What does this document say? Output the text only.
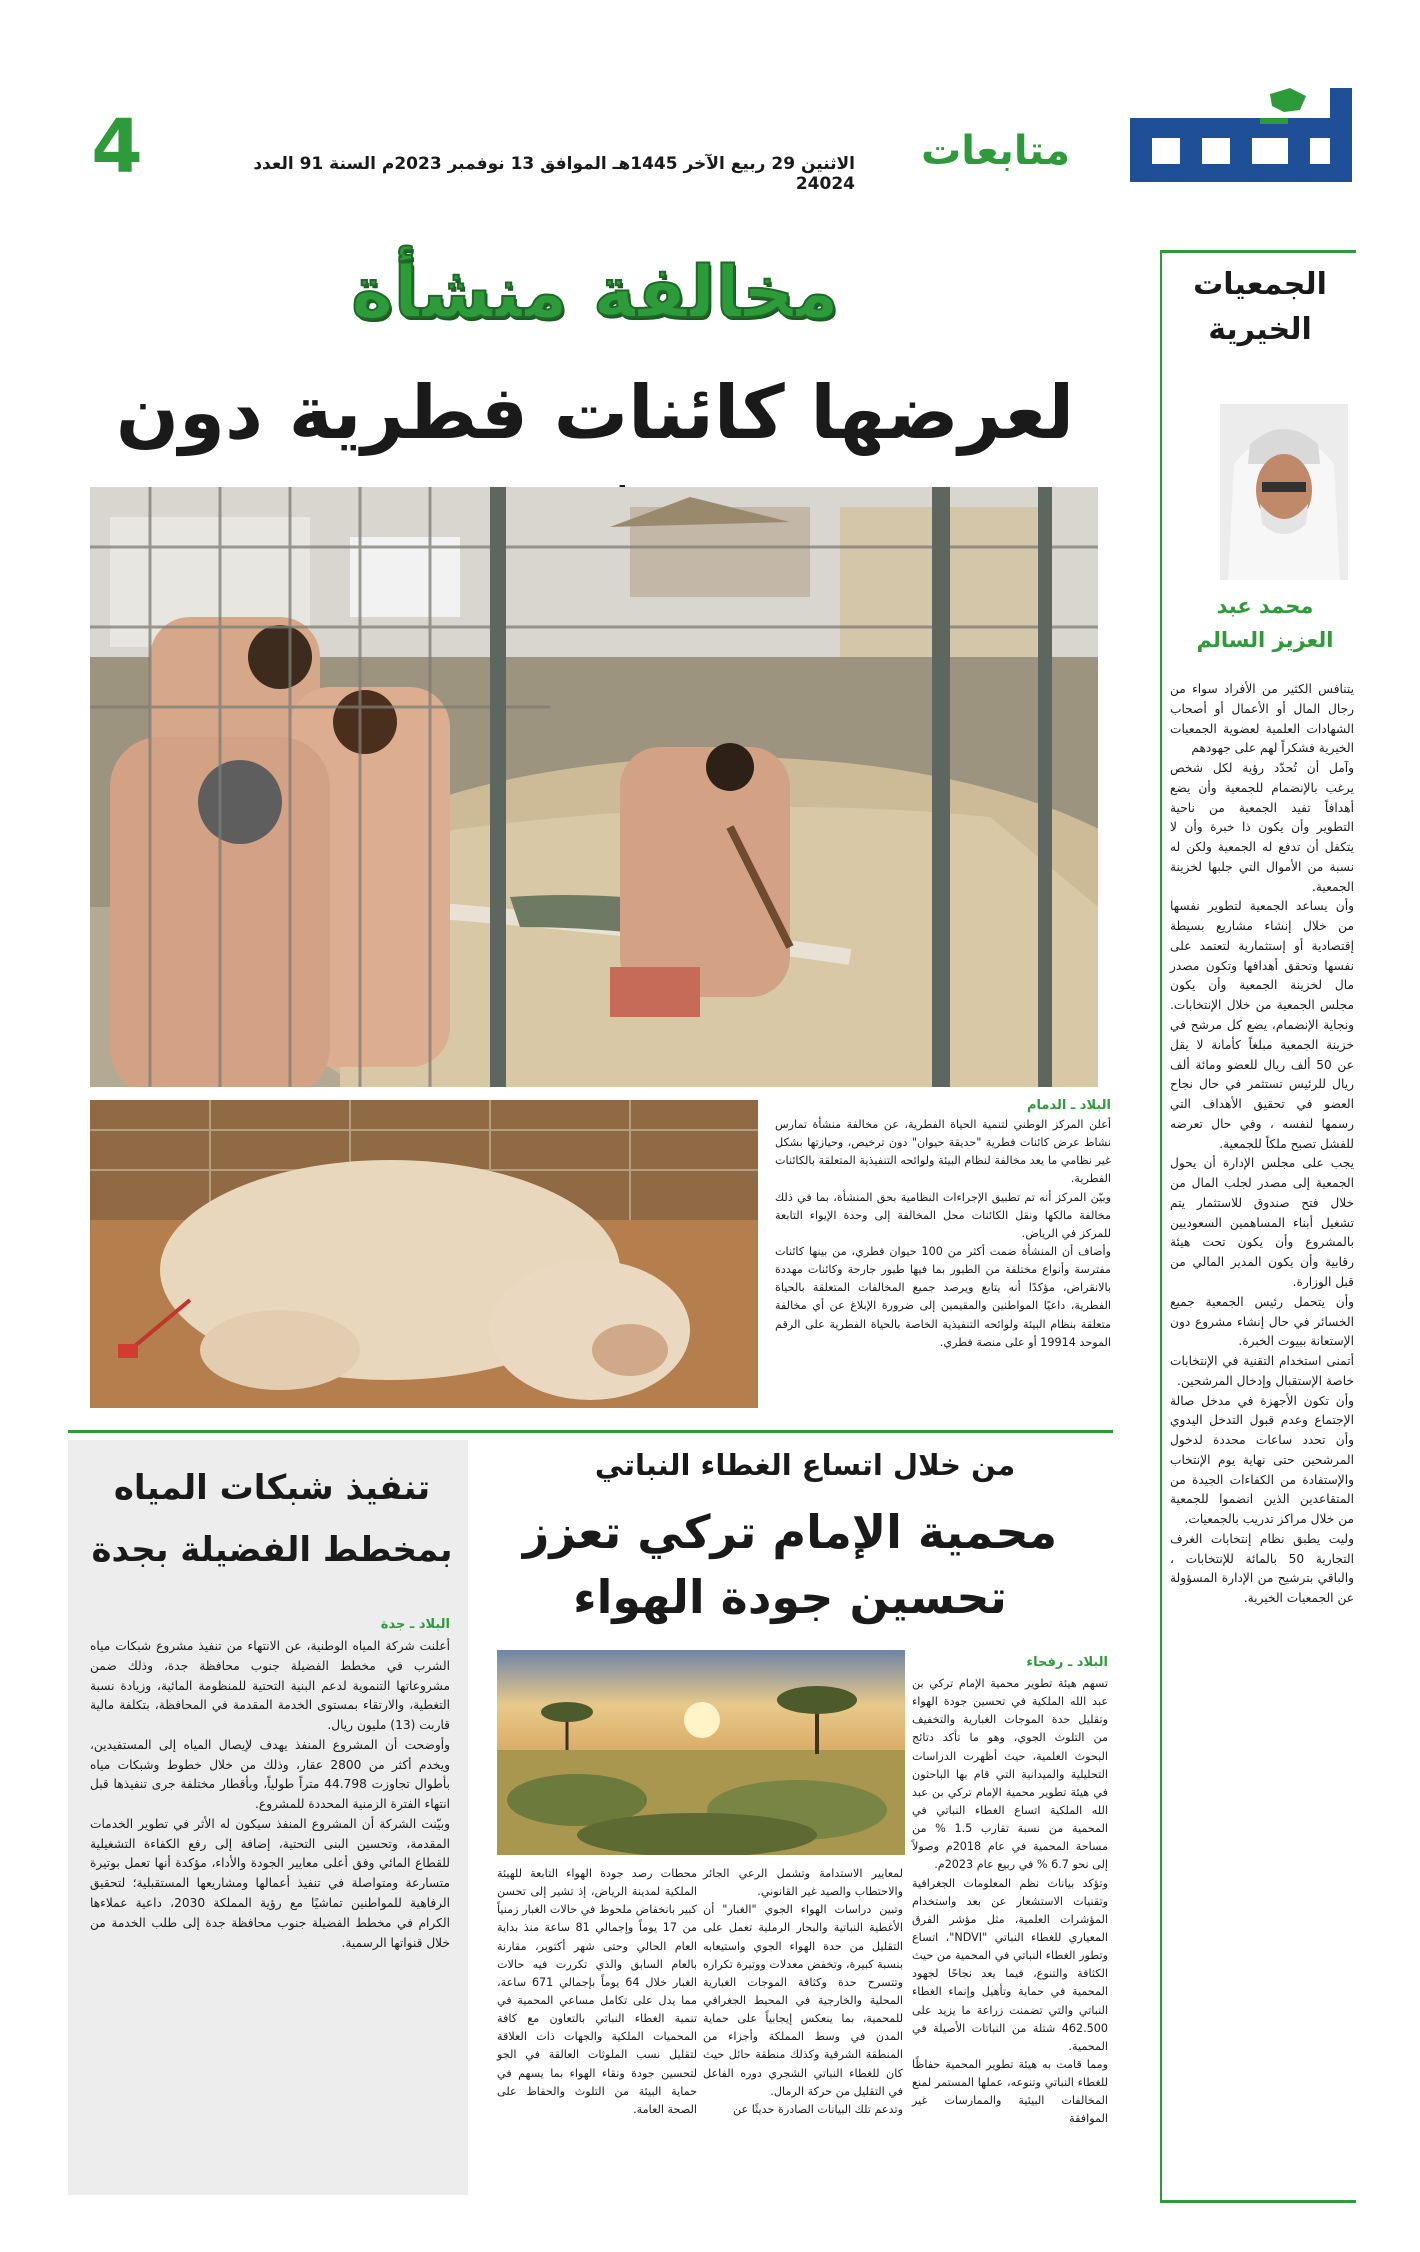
متابعات
الاثنين 29 ربيع الآخر 1445هـ الموافق 13 نوفمبر 2023م السنة 91 العدد 24024
4
مخالفة منشأة
لعرضها كائنات فطرية دون

البلاد ـ الدمام

أعلن المركز الوطني لتنمية الحياة الفطرية، عن مخالفة منشأة تمارس نشاط عرض كائنات فطرية "حديقة حيوان" دون ترخيص، وحيازتها بشكل غير نظامي ما يعد مخالفة لنظام البيئة ولوائحه التنفيذية المتعلقة بالكائنات الفطرية.

وبيّن المركز أنه تم تطبيق الإجراءات النظامية بحق المنشأة، بما في ذلك مخالفة مالكها ونقل الكائنات محل المخالفة إلى وحدة الإيواء التابعة للمركز في الرياض.

وأضاف أن المنشأة ضمت أكثر من 100 حيوان فطري، من بينها كائنات مفترسة وأنواع مختلفة من الطيور بما فيها طيور جارحة وكائنات مهددة بالانقراض، مؤكدًا أنه يتابع ويرصد جميع المخالفات المتعلقة بالحياة الفطرية، داعيًا المواطنين والمقيمين إلى ضرورة الإبلاغ عن أي مخالفة متعلقة بنظام البيئة ولوائحه التنفيذية الخاصة بالحياة الفطرية على الرقم الموحد 19914 أو على منصة فطري.

الجمعيات
الخيرية
محمد عبد
العزيز السالم

يتنافس الكثير من الأفراد سواء من رجال المال أو الأعمال أو أصحاب الشهادات العلمية لعضوية الجمعيات الخيرية فشكراً لهم على جهودهم

وآمل أن تُحدّد رؤية لكل شخص يرغب بالإنضمام للجمعية وأن يضع أهدافاً تفيد الجمعية من ناحية التطوير وأن يكون ذا خبرة وأن لا يتكفل أن تدفع له الجمعية ولكن له نسبة من الأموال التي جلبها لخزينة الجمعية.

وأن يساعد الجمعية لتطوير نفسها من خلال إنشاء مشاريع بسيطة إقتصادية أو إستثمارية لتعتمد على نفسها وتحقق أهدافها وتكون مصدر مال لخزينة الجمعية وأن يكون مجلس الجمعية من خلال الإنتخابات. ونجاية الإنضمام، يضع كل مرشح في خزينة الجمعية مبلغاً كأمانة لا يقل عن 50 ألف ريال للعضو ومائة ألف ريال للرئيس تستثمر في حال نجاح العضو في تحقيق الأهداف التي رسمها لنفسه ، وفي حال تعرضه للفشل تصبح ملكاً للجمعية.

يجب على مجلس الإدارة أن يحول الجمعية إلى مصدر لجلب المال من خلال فتح صندوق للاستثمار يتم تشغيل أبناء المساهمين السعوديين بالمشروع وأن يكون تحت هيئة رقابية وأن يكون المدير المالي من قبل الوزارة.

وأن يتحمل رئيس الجمعية جميع الخسائر في حال إنشاء مشروع دون الإستعانة ببيوت الخبرة.

أتمنى استخدام التقنية في الإنتخابات خاصة الإستقبال وإدخال المرشحين.

وأن تكون الأجهزة في مدخل صالة الإجتماع وعدم قبول التدخل اليدوي وأن تحدد ساعات محددة لدخول المرشحين حتى نهاية يوم الإنتخاب والإستفادة من الكفاءات الجيدة من المتقاعدين الذين انضموا للجمعية من خلال مراكز تدريب بالجمعيات.

وليت يطبق نظام إنتخابات الغرف التجارية 50 بالمائة للإنتخابات ، والباقي بترشيح من الإدارة المسؤولة عن الجمعيات الخيرية.

تنفيذ شبكات المياه
بمخطط الفضيلة بجدة

البلاد ـ جدة

أعلنت شركة المياه الوطنية، عن الانتهاء من تنفيذ مشروع شبكات مياه الشرب في مخطط الفضيلة جنوب محافظة جدة، وذلك ضمن مشروعاتها التنموية لدعم البنية التحتية للمنظومة المائية، وزيادة نسبة التغطية، والارتقاء بمستوى الخدمة المقدمة في المحافظة، بتكلفة مالية قاربت (13) مليون ريال.

وأوضحت أن المشروع المنفذ يهدف لإيصال المياه إلى المستفيدين، ويخدم أكثر من 2800 عقار، وذلك من خلال خطوط وشبكات مياه بأطوال تجاوزت 44.798 متراً طولياً، وبأقطار مختلفة جرى تنفيذها قبل انتهاء الفترة الزمنية المحددة للمشروع.

وبيّنت الشركة أن المشروع المنفذ سيكون له الأثر في تطوير الخدمات المقدمة، وتحسين البنى التحتية، إضافة إلى رفع الكفاءة التشغيلية للقطاع المائي وفق أعلى معايير الجودة والأداء، مؤكدة أنها تعمل بوتيرة متسارعة ومتواصلة في تنفيذ أعمالها ومشاريعها المستقبلية؛ لتحقيق الرفاهية للمواطنين تماشيًا مع رؤية المملكة 2030، داعية عملاءها الكرام في مخطط الفضيلة جنوب محافظة جدة إلى طلب الخدمة من خلال قنواتها الرسمية.

من خلال اتساع الغطاء النباتي
محمية الإمام تركي تعزز
تحسين جودة الهواء

البلاد ـ رفحاء

تسهم هيئة تطوير محمية الإمام تركي بن عبد الله الملكية في تحسين جودة الهواء وتقليل حدة الموجات الغبارية والتخفيف من التلوث الجوي، وهو ما تأكد دتائج البحوث العلمية، حيث أظهرت الدراسات التحليلية والميدانية التي قام بها الباحثون في هيئة تطوير محمية الإمام تركي بن عبد الله الملكية اتساع الغطاء النباتي في المحمية من نسبة تقارب 1.5 % من مساحة المحمية في عام 2018م وصولاً إلى نحو 6.7 % في ربيع عام 2023م.

وتؤكد بيانات نظم المعلومات الجغرافية وتقنيات الاستشعار عن بعد واستخدام المؤشرات العلمية، مثل مؤشر الفرق المعياري للغطاء النباتي "NDVI"، اتساع وتطور الغطاء النباتي في المحمية من حيث الكثافة والتنوع، فيما يعد نجاحًا لجهود المحمية في حماية وتأهيل وإنماء الغطاء النباتي والتي تضمنت زراعة ما يزيد على 462.500 شتلة من النباتات الأصيلة في المحمية.

ومما قامت به هيئة تطوير المحمية حفاظًا للغطاء النباتي وتنوعه، عملها المستمر لمنع المخالفات البيئية والممارسات غير الموافقة

لمعايير الاستدامة وتشمل الرعي الجائر والاحتطاب والصيد غير القانوني.

وتبين دراسات الهواء الجوي "الغبار" أن الأغطية النباتية والبحار الرملية تعمل على التقليل من حدة الهواء الجوي واستيعابه بنسبة كبيرة، وتخفض معدلات ووتيرة تكراره وتتسرح حدة وكثافة الموجات الغبارية المحلية والخارجية في المحيط الجغرافي للمحمية، بما ينعكس إيجابياً على حماية المدن في وسط المملكة وأجزاء من المنطقة الشرقية وكذلك منطقة حائل حيث كان للغطاء النباتي الشجري دوره الفاعل في التقليل من حركة الرمال.

وتدعم تلك البيانات الصادرة حديثًا عن

محطات رصد جودة الهواء التابعة للهيئة الملكية لمدينة الرياض، إذ تشير إلى تحسن كبير بانخفاض ملحوظ في حالات الغبار زمنياً من 17 يوماً وإجمالي 81 ساعة منذ بداية العام الحالي وحتى شهر أكتوبر، مقارنة بالعام السابق والذي تكررت فيه حالات الغبار خلال 64 يوماً بإجمالي 671 ساعة، مما يدل على تكامل مساعي المحمية في تنمية الغطاء النباتي بالتعاون مع كافة المحميات الملكية والجهات ذات العلاقة لتقليل نسب الملوثات العالقة في الجو لتحسين جودة ونقاء الهواء بما يسهم في حماية البيئة من التلوث والحفاظ على الصحة العامة.
